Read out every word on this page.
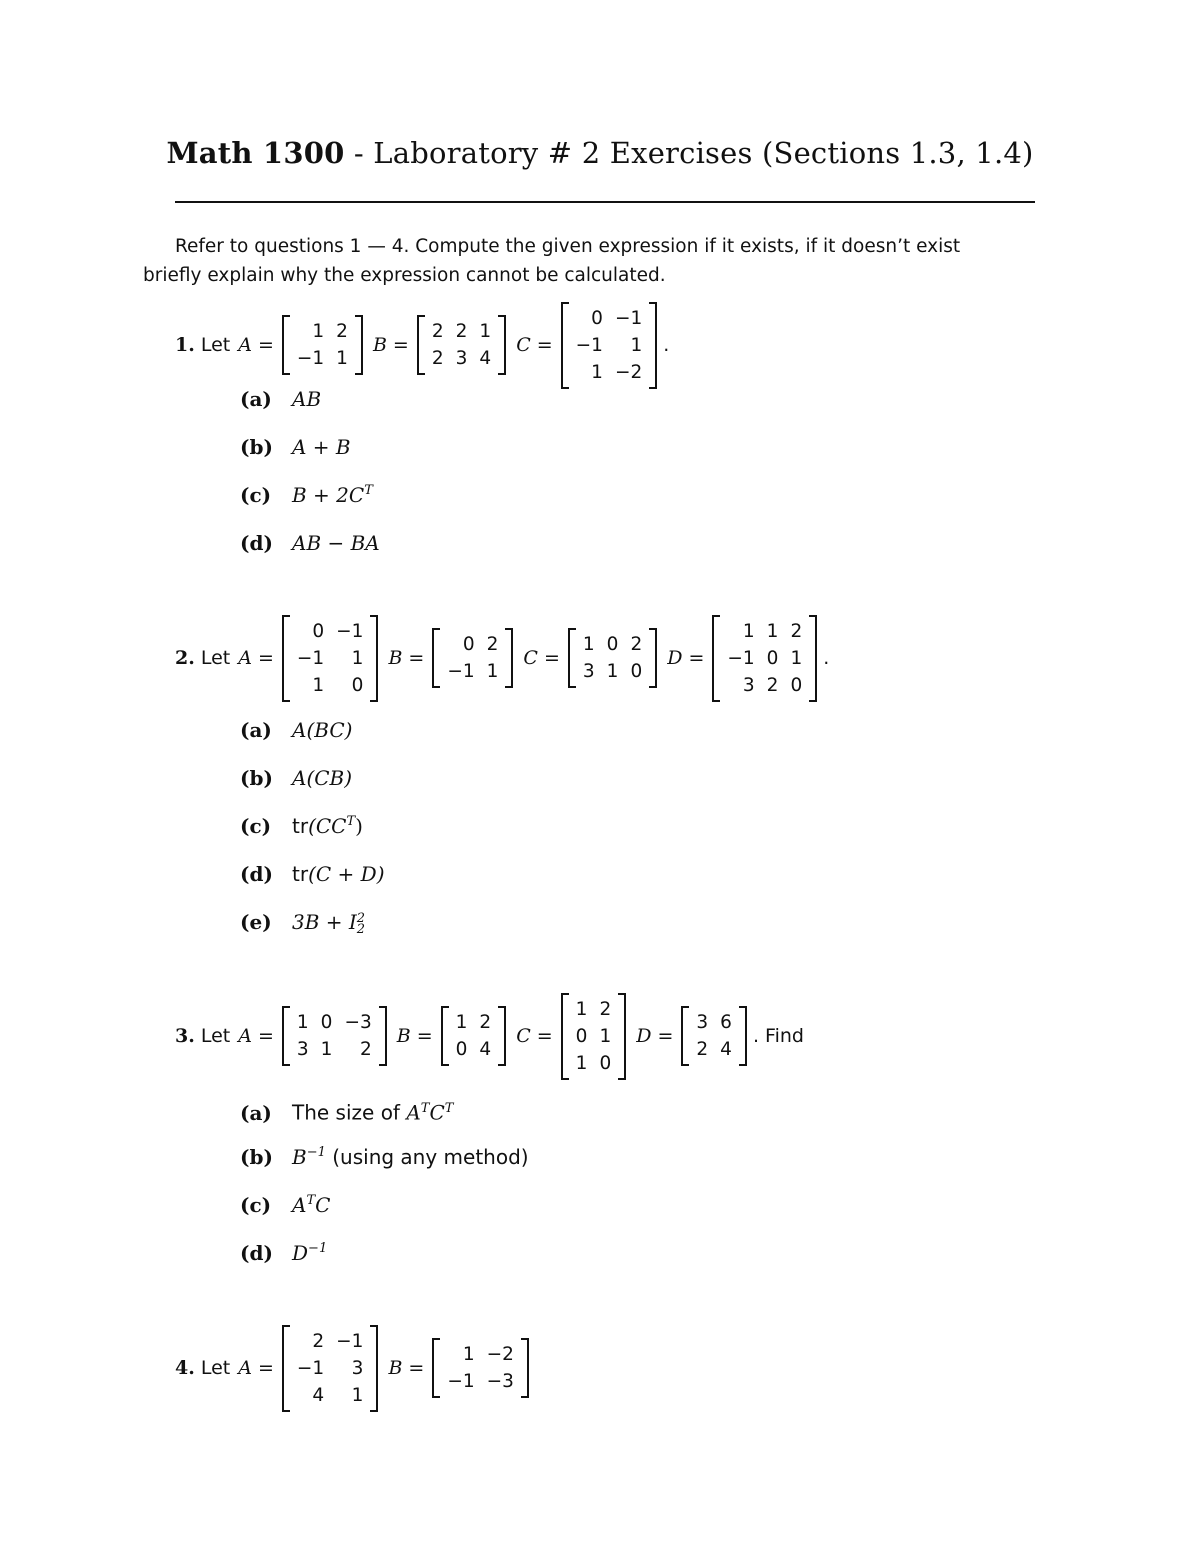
Math 1300 - Laboratory # 2 Exercises (Sections 1.3, 1.4)

Refer to questions 1 — 4. Compute the given expression if it exists, if it doesn’t exist

briefly explain why the expression cannot be calculated.

1. Let A =
1	2
−1	1
B =
2	2	1
2	3	4
C =
0	−1
−1	1
1	−2
.
(a) AB
(b) A + B
(c) B + 2C T
(d) AB − BA
2. Let A =
0	−1
−1	1
1	0
B =
0	2
−1	1
C =
1	0	2
3	1	0
D =
1	1	2
−1	0	1
3	2	0
.
(a) A(BC)
(b) A(CB)
(c) tr(CC T )
(d) tr(C + D)
(e) 3B + I 2
2
3. Let A =
1	0	−3
3	1	2
B =
1	2
0	4
C =
1	2
0	1
1	0
D =
3	6
2	4
. Find
(a) The size of A T $C^T$
(b) B −1 (using any method)
(c) A T C
(d) D −1
4. Let A =
2	−1
−1	3
4	1
B =
1	−2
−1	−3
